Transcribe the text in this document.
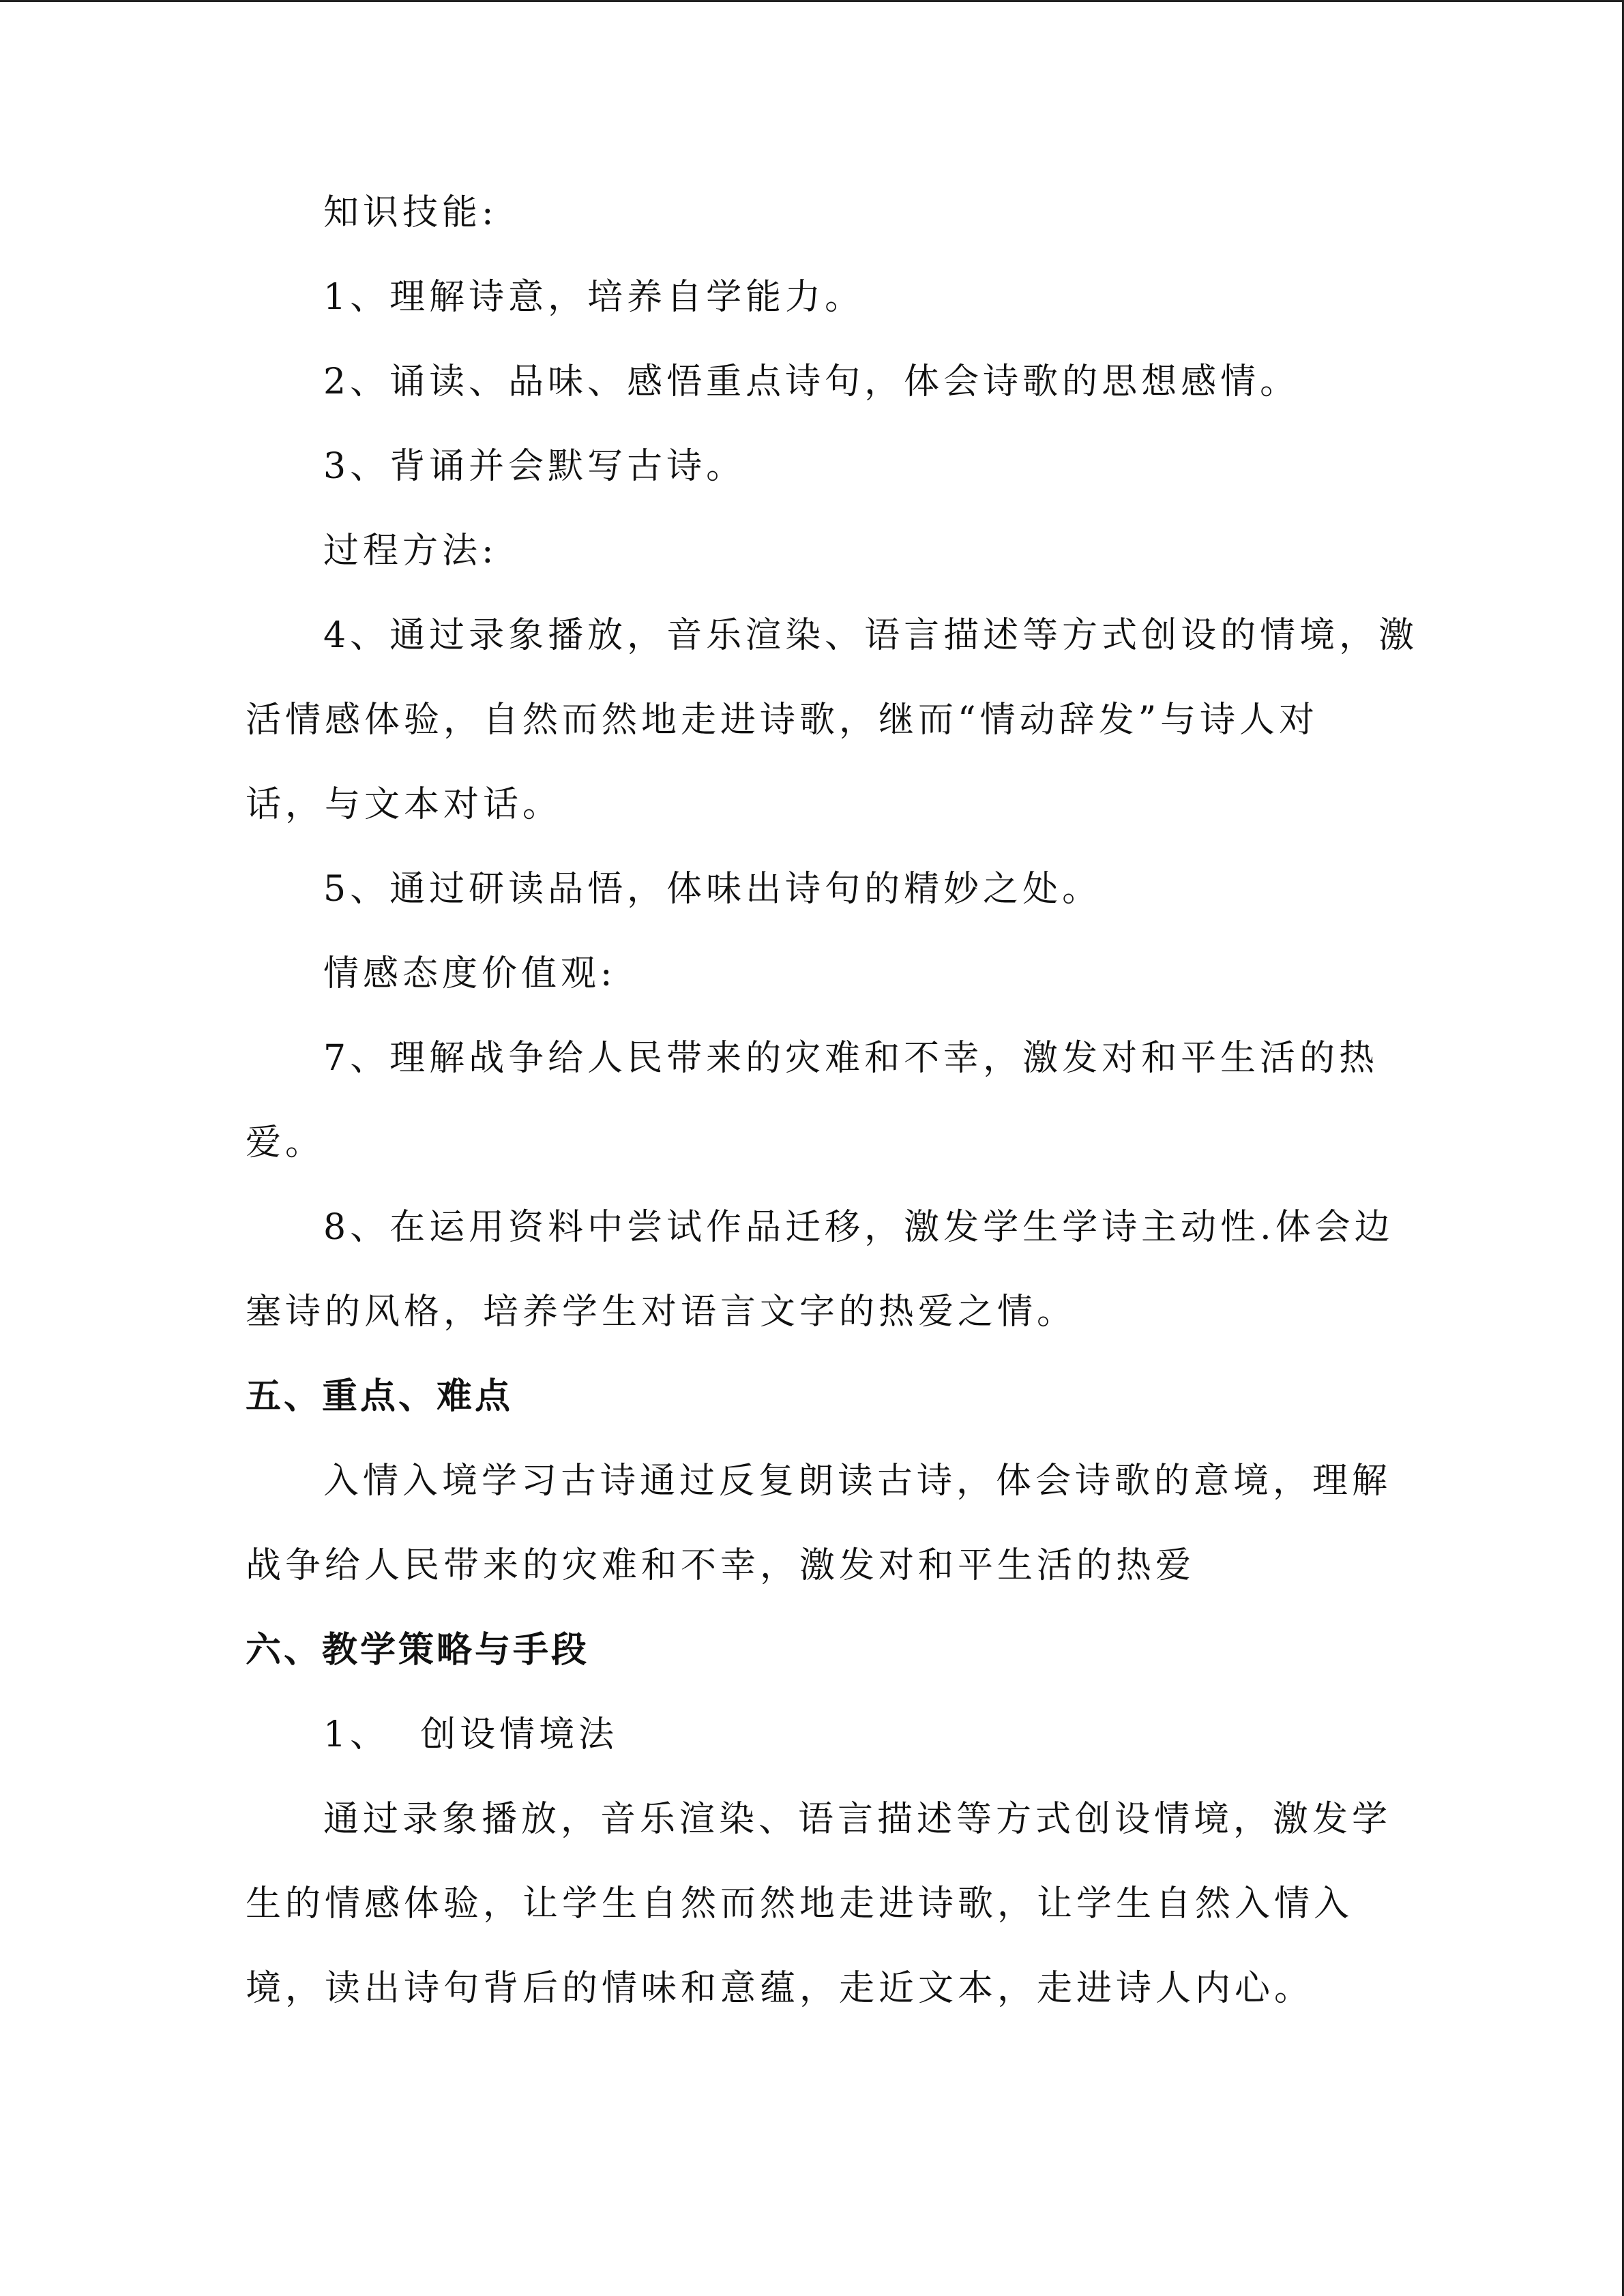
知识技能:
1、理解诗意，培养自学能力。
2、诵读、品味、感悟重点诗句，体会诗歌的思想感情。
3、背诵并会默写古诗。
过程方法:
4、通过录象播放，音乐渲染、语言描述等方式创设的情境，激
活情感体验，自然而然地走进诗歌，继而“情动辞发”与诗人对
话，与文本对话。
5、通过研读品悟，体味出诗句的精妙之处。
情感态度价值观:
7、理解战争给人民带来的灾难和不幸，激发对和平生活的热
爱。
8、在运用资料中尝试作品迁移，激发学生学诗主动性.体会边
塞诗的风格，培养学生对语言文字的热爱之情。
五、重点、难点
入情入境学习古诗通过反复朗读古诗，体会诗歌的意境，理解
战争给人民带来的灾难和不幸，激发对和平生活的热爱
六、教学策略与手段
1、  创设情境法
通过录象播放，音乐渲染、语言描述等方式创设情境，激发学
生的情感体验，让学生自然而然地走进诗歌，让学生自然入情入
境，读出诗句背后的情味和意蕴，走近文本，走进诗人内心。
